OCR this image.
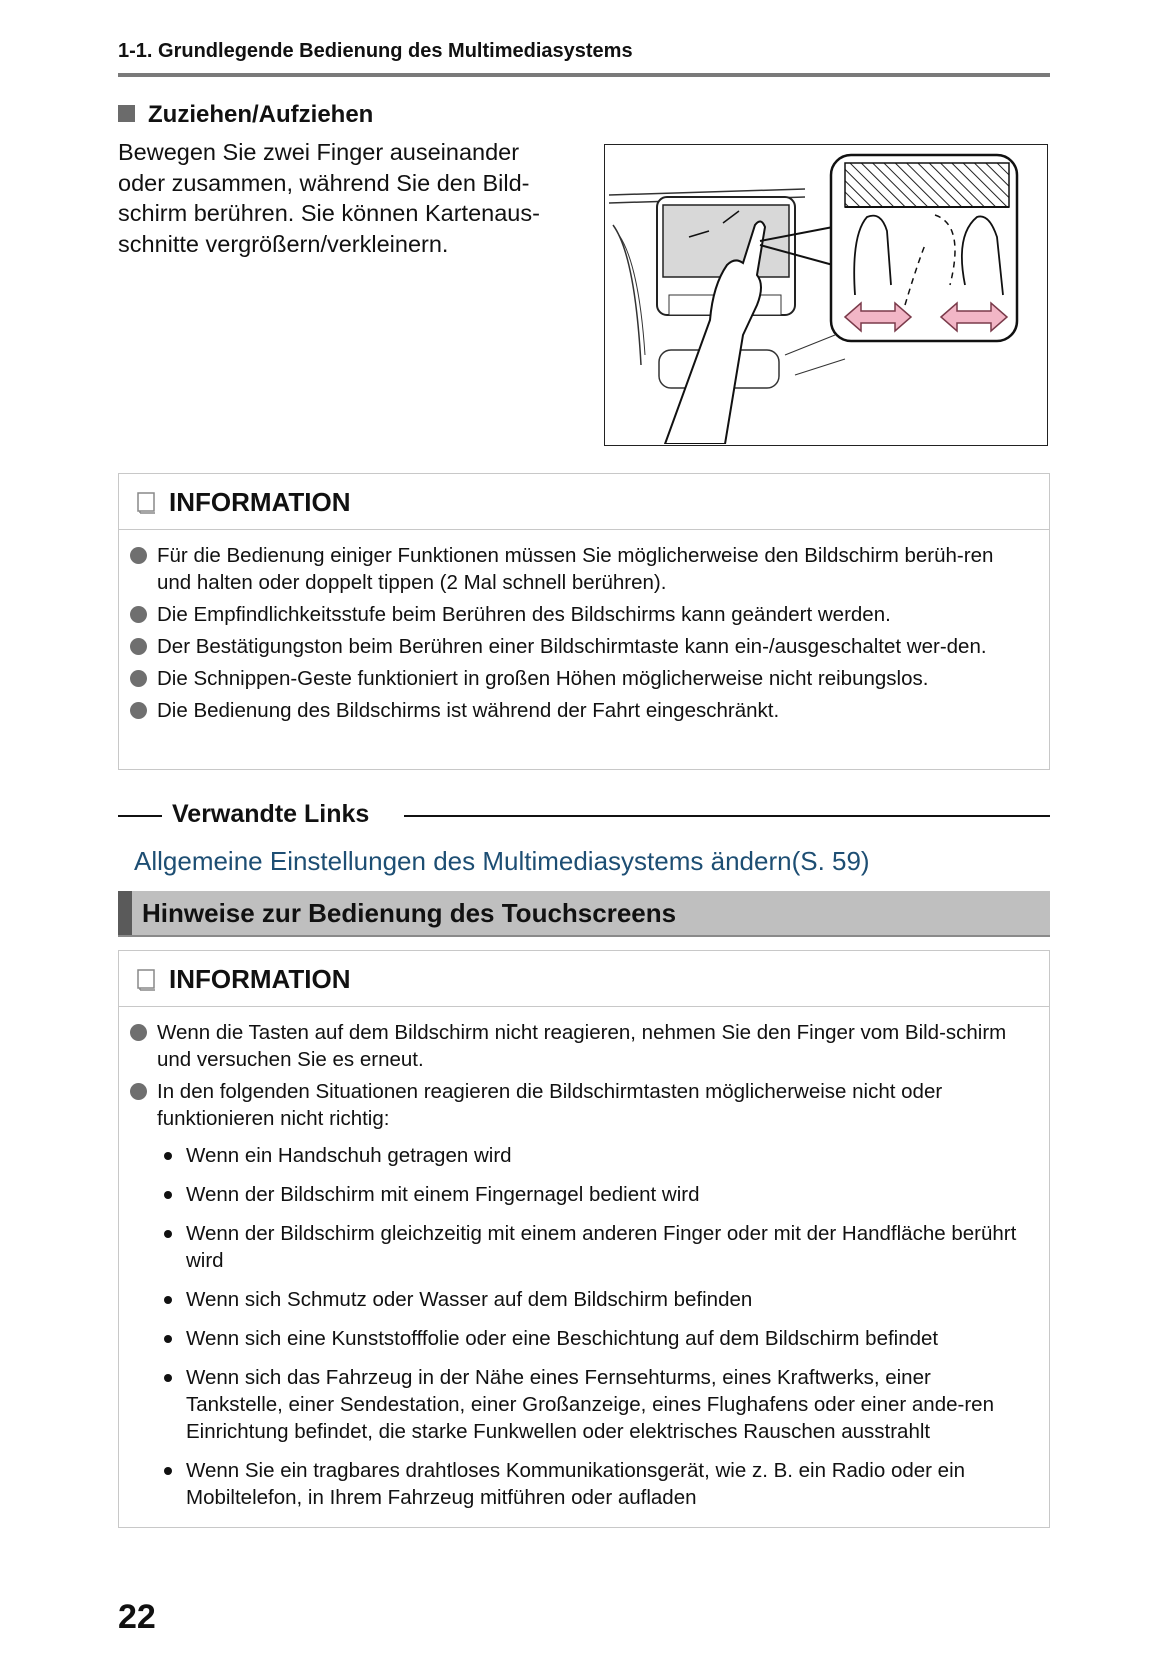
1-1. Grundlegende Bedienung des Multimediasystems
Zuziehen/Aufziehen
Bewegen Sie zwei Finger auseinander
oder zusammen, während Sie den Bild-
schirm berühren. Sie können Kartenaus-
schnitte vergrößern/verkleinern.
INFORMATION
Für die Bedienung einiger Funktionen müssen Sie möglicherweise den Bildschirm berüh-ren und halten oder doppelt tippen (2 Mal schnell berühren).
Die Empfindlichkeitsstufe beim Berühren des Bildschirms kann geändert werden.
Der Bestätigungston beim Berühren einer Bildschirmtaste kann ein-/ausgeschaltet wer-den.
Die Schnippen-Geste funktioniert in großen Höhen möglicherweise nicht reibungslos.
Die Bedienung des Bildschirms ist während der Fahrt eingeschränkt.
Verwandte Links
Allgemeine Einstellungen des Multimediasystems ändern(S. 59)
Hinweise zur Bedienung des Touchscreens
INFORMATION
Wenn die Tasten auf dem Bildschirm nicht reagieren, nehmen Sie den Finger vom Bild-schirm und versuchen Sie es erneut.
In den folgenden Situationen reagieren die Bildschirmtasten möglicherweise nicht oder funktionieren nicht richtig:
Wenn ein Handschuh getragen wird
Wenn der Bildschirm mit einem Fingernagel bedient wird
Wenn der Bildschirm gleichzeitig mit einem anderen Finger oder mit der Handfläche berührt wird
Wenn sich Schmutz oder Wasser auf dem Bildschirm befinden
Wenn sich eine Kunststofffolie oder eine Beschichtung auf dem Bildschirm befindet
Wenn sich das Fahrzeug in der Nähe eines Fernsehturms, eines Kraftwerks, einer Tankstelle, einer Sendestation, einer Großanzeige, eines Flughafens oder einer ande-ren Einrichtung befindet, die starke Funkwellen oder elektrisches Rauschen ausstrahlt
Wenn Sie ein tragbares drahtloses Kommunikationsgerät, wie z. B. ein Radio oder ein Mobiltelefon, in Ihrem Fahrzeug mitführen oder aufladen
22
